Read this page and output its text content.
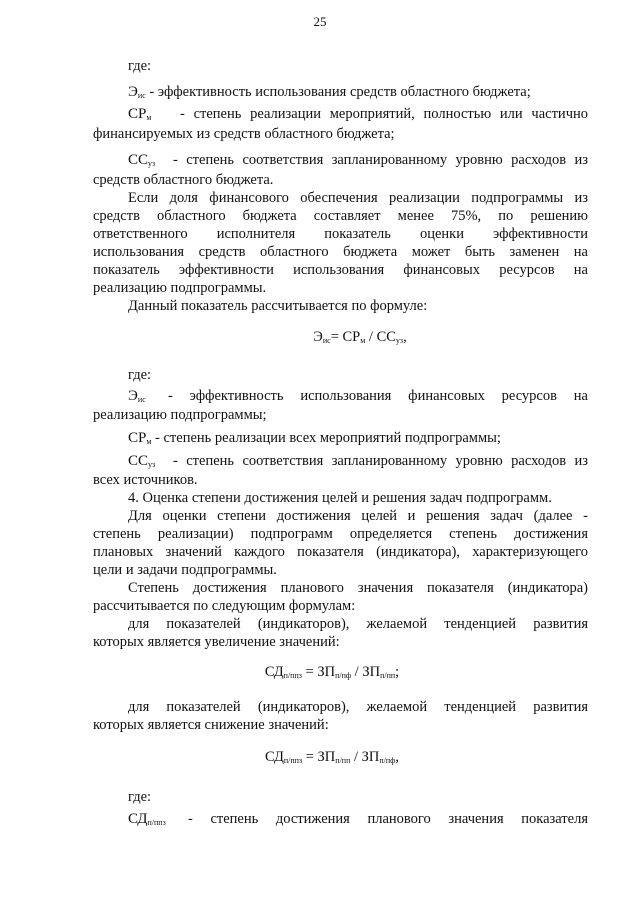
25
где:
$Э_{ис}$ - эффективность использования средств областного бюджета;
$СР_м$ - степень реализации мероприятий, полностью или частично
финансируемых из средств областного бюджета;
$СС_{уз}$ - степень соответствия запланированному уровню расходов из
средств областного бюджета.
Если доля финансового обеспечения реализации подпрограммы из
средств областного бюджета составляет менее 75%, по решению
ответственного исполнителя показатель оценки эффективности
использования средств областного бюджета может быть заменен на
показатель эффективности использования финансовых ресурсов на
реализацию подпрограммы.
Данный показатель рассчитывается по формуле:
$Э_{ис}= СР_м / СС_{уз}$,
где:
$Э_{ис}$ - эффективность использования финансовых ресурсов на
реализацию подпрограммы;
$СР_м$ - степень реализации всех мероприятий подпрограммы;
$СС_{уз}$ - степень соответствия запланированному уровню расходов из
всех источников.
4. Оценка степени достижения целей и решения задач подпрограмм.
Для оценки степени достижения целей и решения задач (далее -
степень реализации) подпрограмм определяется степень достижения
плановых значений каждого показателя (индикатора), характеризующего
цели и задачи подпрограммы.
Степень достижения планового значения показателя (индикатора)
рассчитывается по следующим формулам:
для показателей (индикаторов), желаемой тенденцией развития
которых является увеличение значений:
$СД_{п/ппз} = ЗП_{п/пф} / ЗП_{п/пп}$;
для показателей (индикаторов), желаемой тенденцией развития
которых является снижение значений:
$СД_{п/ппз} = ЗП_{п/пп} / ЗП_{п/пф}$,
где:
$СД_{п/ппз}$ - степень достижения планового значения показателя
